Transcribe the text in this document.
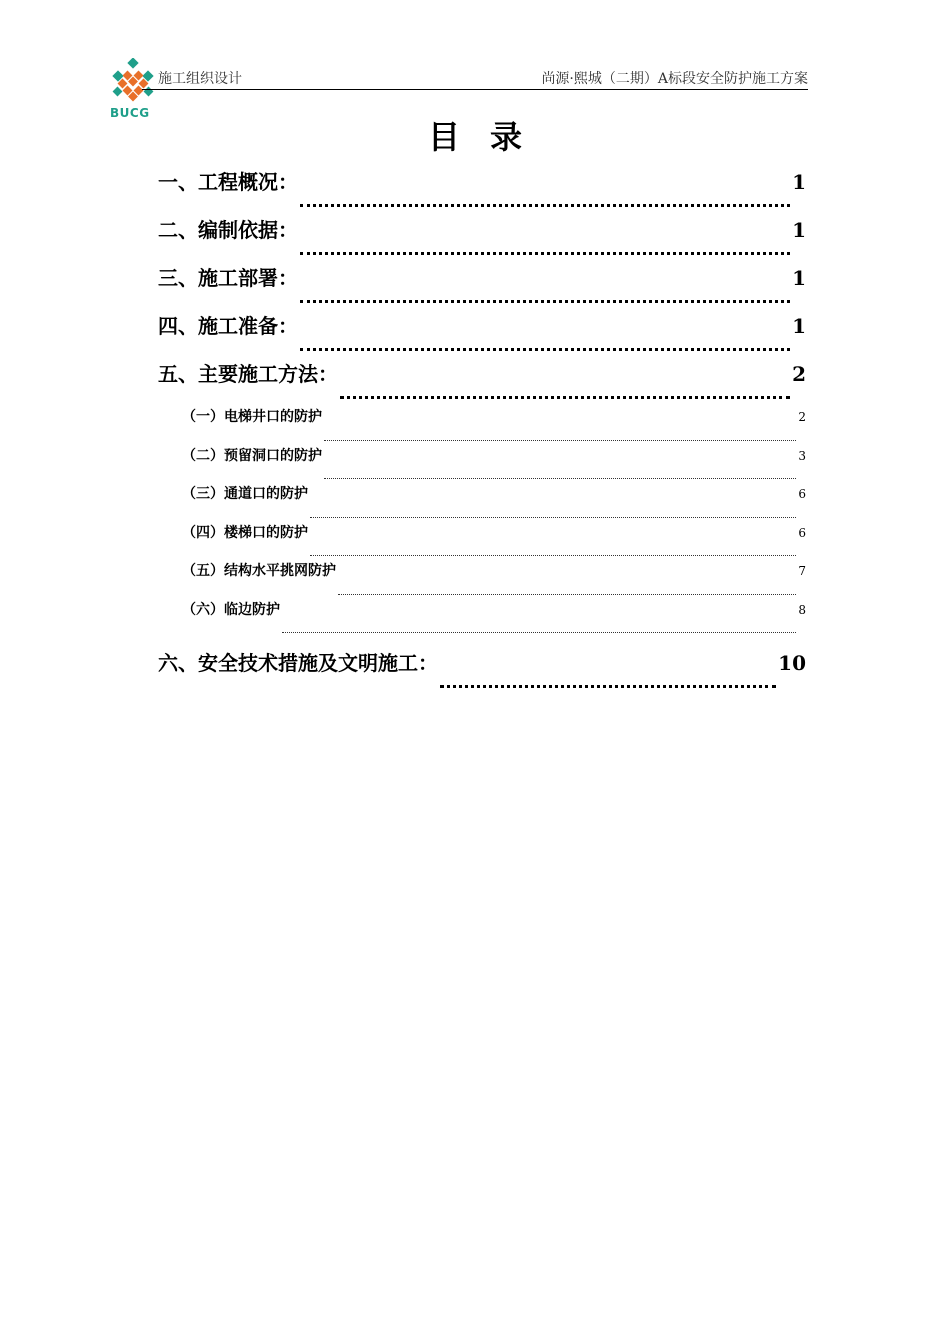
BUCG
施工组织设计	尚源·熙城（二期）A标段安全防护施工方案
目录
一、工程概况：	1
二、编制依据：	1
三、施工部署：	1
四、施工准备：	1
五、主要施工方法：	2
（一）电梯井口的防护	2
（二）预留洞口的防护	3
（三）通道口的防护	6
（四）楼梯口的防护	6
（五）结构水平挑网防护	7
（六）临边防护	8
六、安全技术措施及文明施工：	10
